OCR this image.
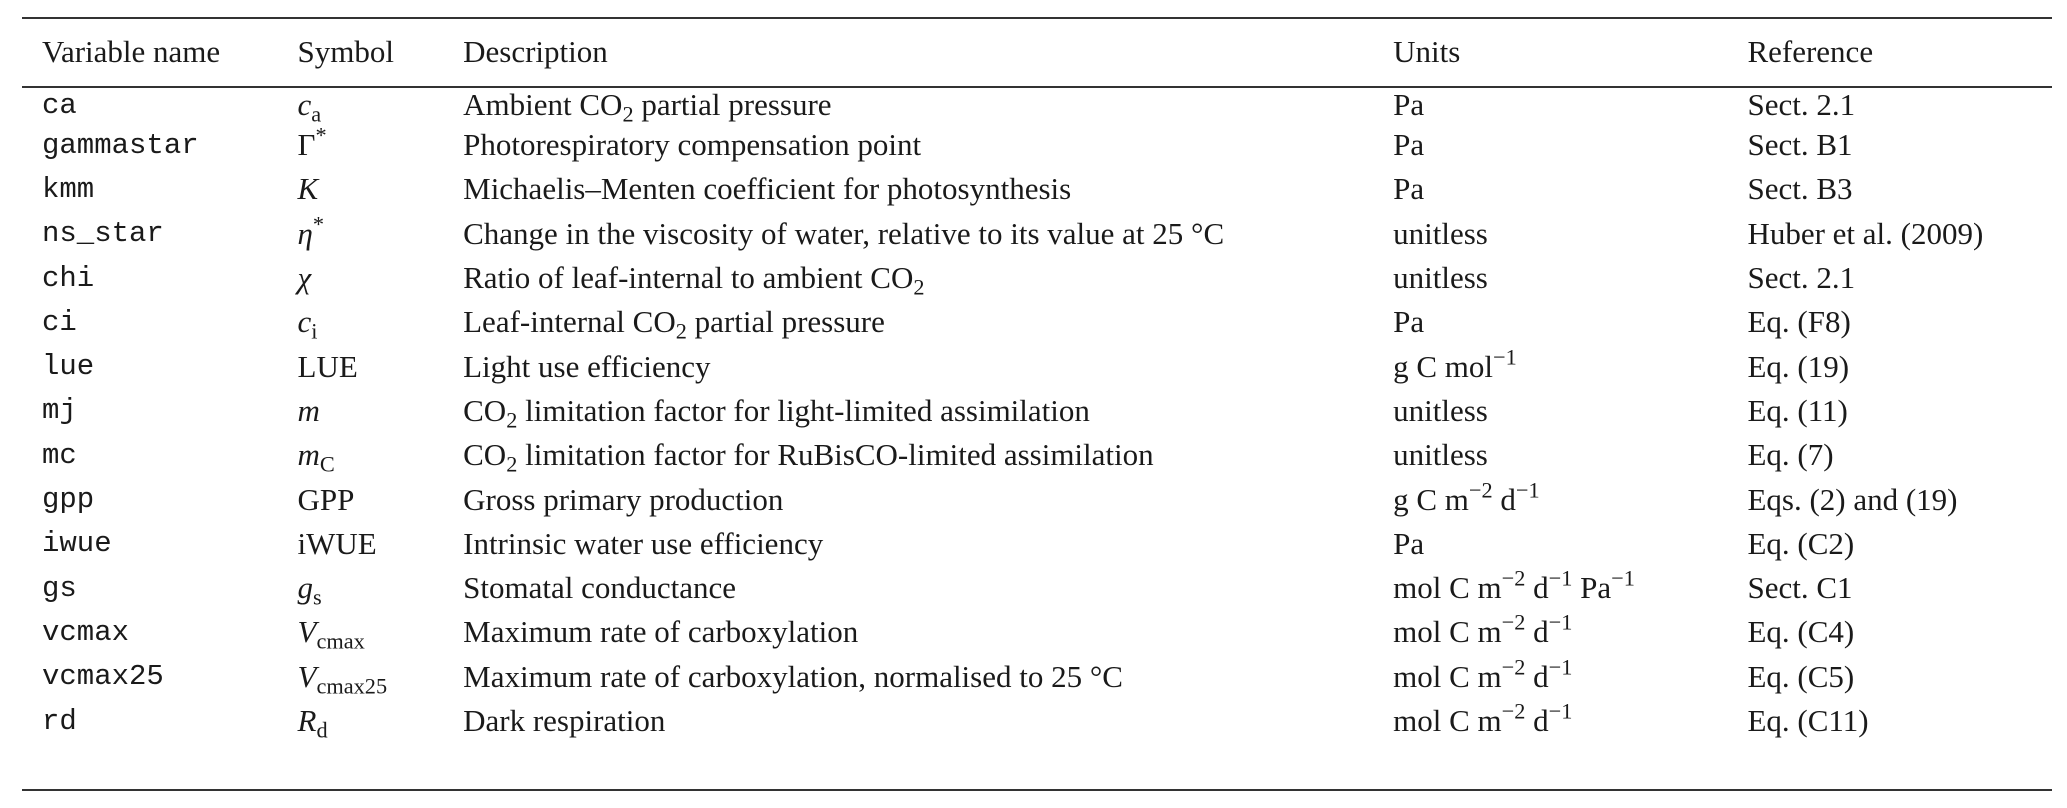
Variable name	Symbol	Description	Units	Reference
ca	$c_a$	Ambient $CO_2$ partial pressure	Pa	Sect. 2.1
gammastar	Γ*	Photorespiratory compensation point	Pa	Sect. B1
kmm	K	Michaelis–Menten coefficient for photosynthesis	Pa	Sect. B3
ns_star	η*	Change in the viscosity of water, relative to its value at 25 °C	unitless	Huber et al. (2009)
chi	χ	Ratio of leaf-internal to ambient $CO_2$	unitless	Sect. 2.1
ci	$c_i$	Leaf-internal $CO_2$ partial pressure	Pa	Eq. (F8)
lue	LUE	Light use efficiency	g C mol$^{-1}$	Eq. (19)
mj	m	$CO_2$ limitation factor for light-limited assimilation	unitless	Eq. (11)
mc	$m_C$	$CO_2$ limitation factor for RuBisCO-limited assimilation	unitless	Eq. (7)
gpp	GPP	Gross primary production	g C $m^{-2}$ $d^{-1}$	Eqs. (2) and (19)
iwue	iWUE	Intrinsic water use efficiency	Pa	Eq. (C2)
gs	$g_s$	Stomatal conductance	mol C $m^{-2}$ $d^{-1}$ $Pa^{-1}$	Sect. C1
vcmax	$V_{cmax}$	Maximum rate of carboxylation	mol C $m^{-2}$ $d^{-1}$	Eq. (C4)
vcmax25	$V_{cmax25}$	Maximum rate of carboxylation, normalised to 25 °C	mol C $m^{-2}$ $d^{-1}$	Eq. (C5)
rd	$R_d$	Dark respiration	mol C $m^{-2}$ $d^{-1}$	Eq. (C11)
